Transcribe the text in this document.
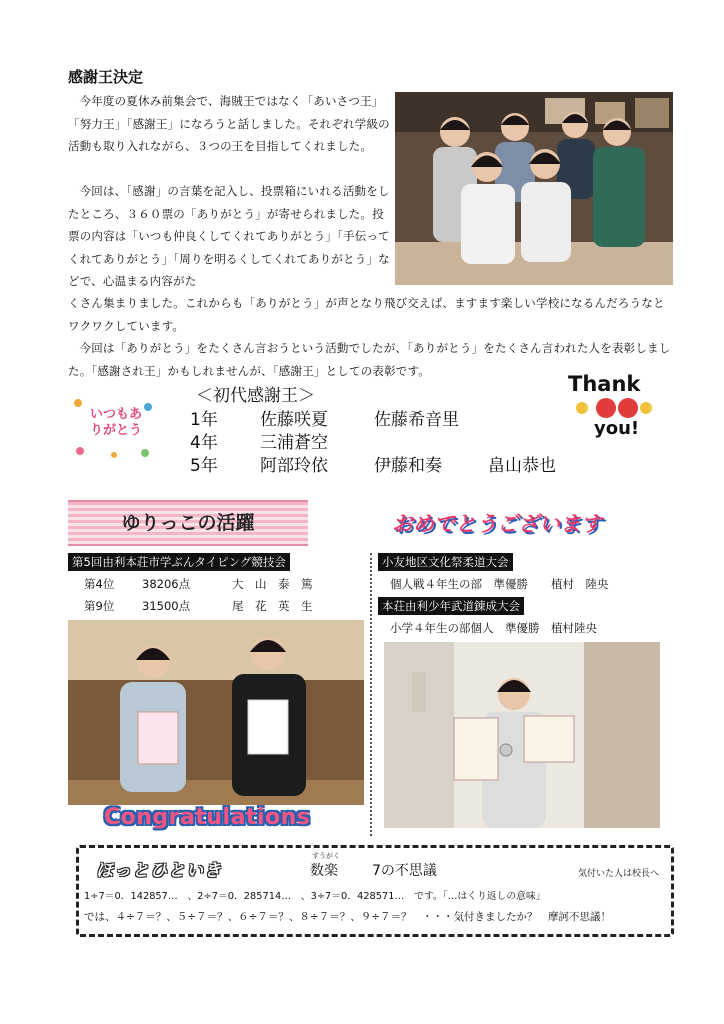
感謝王決定
今年度の夏休み前集会で、海賊王ではなく「あいさつ王」「努力王」「感謝王」になろうと話しました。それぞれ学級の活動も取り入れながら、３つの王を目指してくれました。
今回は、「感謝」の言葉を記入し、投票箱にいれる活動をしたところ、３６０票の「ありがとう」が寄せられました。投票の内容は「いつも仲良くしてくれてありがとう」「手伝ってくれてありがとう」「周りを明るくしてくれてありがとう」などで、心温まる内容がた
くさん集まりました。これからも「ありがとう」が声となり飛び交えば、ますます楽しい学校になるんだろうなとワクワクしています。
今回は「ありがとう」をたくさん言おうという活動でしたが、「ありがとう」をたくさん言われた人を表彰しました。「感謝され王」かもしれませんが、「感謝王」としての表彰です。
いつもありがとう
＜初代感謝王＞
1年 佐藤咲夏	佐藤希音里
4年 三浦蒼空
5年 阿部玲依	伊藤和奏	畠山恭也
Thank
you!
ゆりっこの活躍	おめでとうございます
第5回由利本荘市学ぶんタイピング競技会
第4位 38206点	大　山　泰　篤
第9位 31500点	尾　花　英　生
Congratulations
小友地区文化祭柔道大会
個人戦４年生の部　準優勝　　植村　陸央
本荘由利少年武道錬成大会
小学４年生の部個人　準優勝　植村陸央
ほっとひといき
すうがく
数楽 7の不思議	気付いた人は校長へ
1÷7＝0．142857…　、2÷7＝0．285714…　、3÷7＝0．428571…　です。「…はくり返しの意味」
では、４÷７＝？、５÷７＝？、６÷７＝？、８÷７＝？、９÷７＝？　・・・気付きましたか？　摩訶不思議！
